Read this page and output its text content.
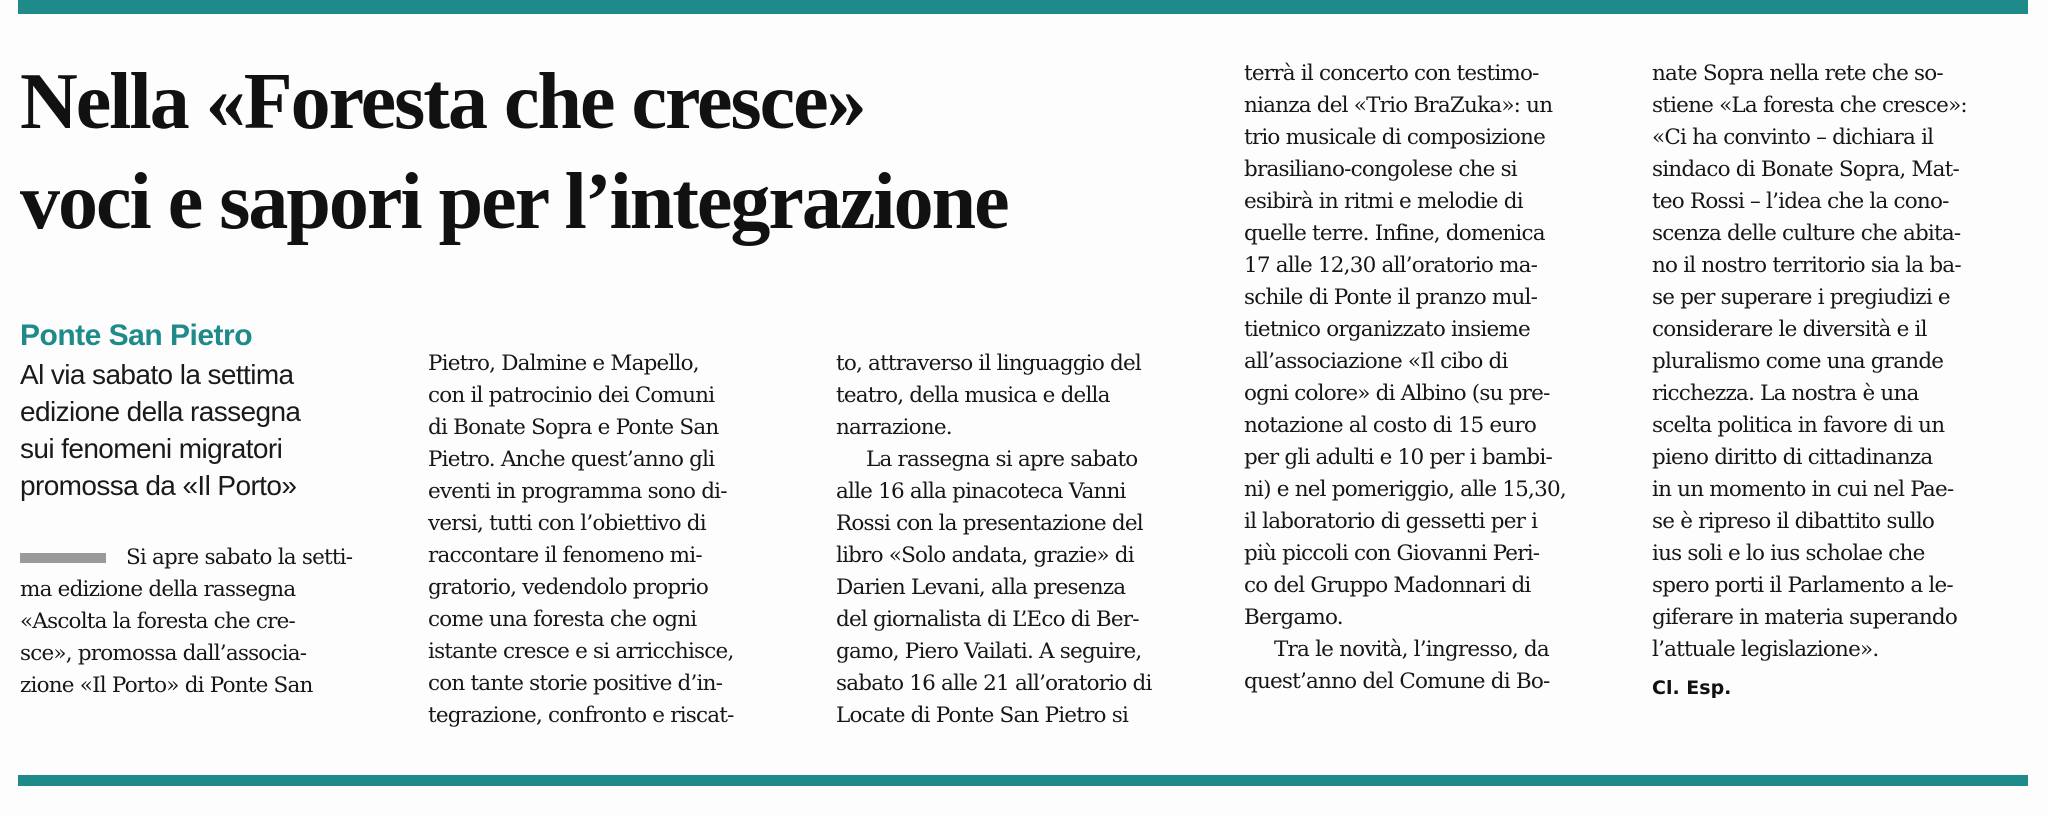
Nella «Foresta che cresce»
voci e sapori per l’integrazione
Ponte San Pietro

Al via sabato la settima
edizione della rassegna
sui fenomeni migratori
promossa da «Il Porto»

Si apre sabato la setti-
ma edizione della rassegna
«Ascolta la foresta che cre-
sce», promossa dall’associa-
zione «Il Porto» di Ponte San
Pietro, Dalmine e Mapello,
con il patrocinio dei Comuni
di Bonate Sopra e Ponte San
Pietro. Anche quest’anno gli
eventi in programma sono di-
versi, tutti con l’obiettivo di
raccontare il fenomeno mi-
gratorio, vedendolo proprio
come una foresta che ogni
istante cresce e si arricchisce,
con tante storie positive d’in-
tegrazione, confronto e riscat-
to, attraverso il linguaggio del
teatro, della musica e della
narrazione.
La rassegna si apre sabato
alle 16 alla pinacoteca Vanni
Rossi con la presentazione del
libro «Solo andata, grazie» di
Darien Levani, alla presenza
del giornalista di L’Eco di Ber-
gamo, Piero Vailati. A seguire,
sabato 16 alle 21 all’oratorio di
Locate di Ponte San Pietro si
terrà il concerto con testimo-
nianza del «Trio BraZuka»: un
trio musicale di composizione
brasiliano-congolese che si
esibirà in ritmi e melodie di
quelle terre. Infine, domenica
17 alle 12,30 all’oratorio ma-
schile di Ponte il pranzo mul-
tietnico organizzato insieme
all’associazione «Il cibo di
ogni colore» di Albino (su pre-
notazione al costo di 15 euro
per gli adulti e 10 per i bambi-
ni) e nel pomeriggio, alle 15,30,
il laboratorio di gessetti per i
più piccoli con Giovanni Peri-
co del Gruppo Madonnari di
Bergamo.
Tra le novità, l’ingresso, da
quest’anno del Comune di Bo-
nate Sopra nella rete che so-
stiene «La foresta che cresce»:
«Ci ha convinto – dichiara il
sindaco di Bonate Sopra, Mat-
teo Rossi – l’idea che la cono-
scenza delle culture che abita-
no il nostro territorio sia la ba-
se per superare i pregiudizi e
considerare le diversità e il
pluralismo come una grande
ricchezza. La nostra è una
scelta politica in favore di un
pieno diritto di cittadinanza
in un momento in cui nel Pae-
se è ripreso il dibattito sullo
ius soli e lo ius scholae che
spero porti il Parlamento a le-
giferare in materia superando
l’attuale legislazione».

Cl. Esp.
